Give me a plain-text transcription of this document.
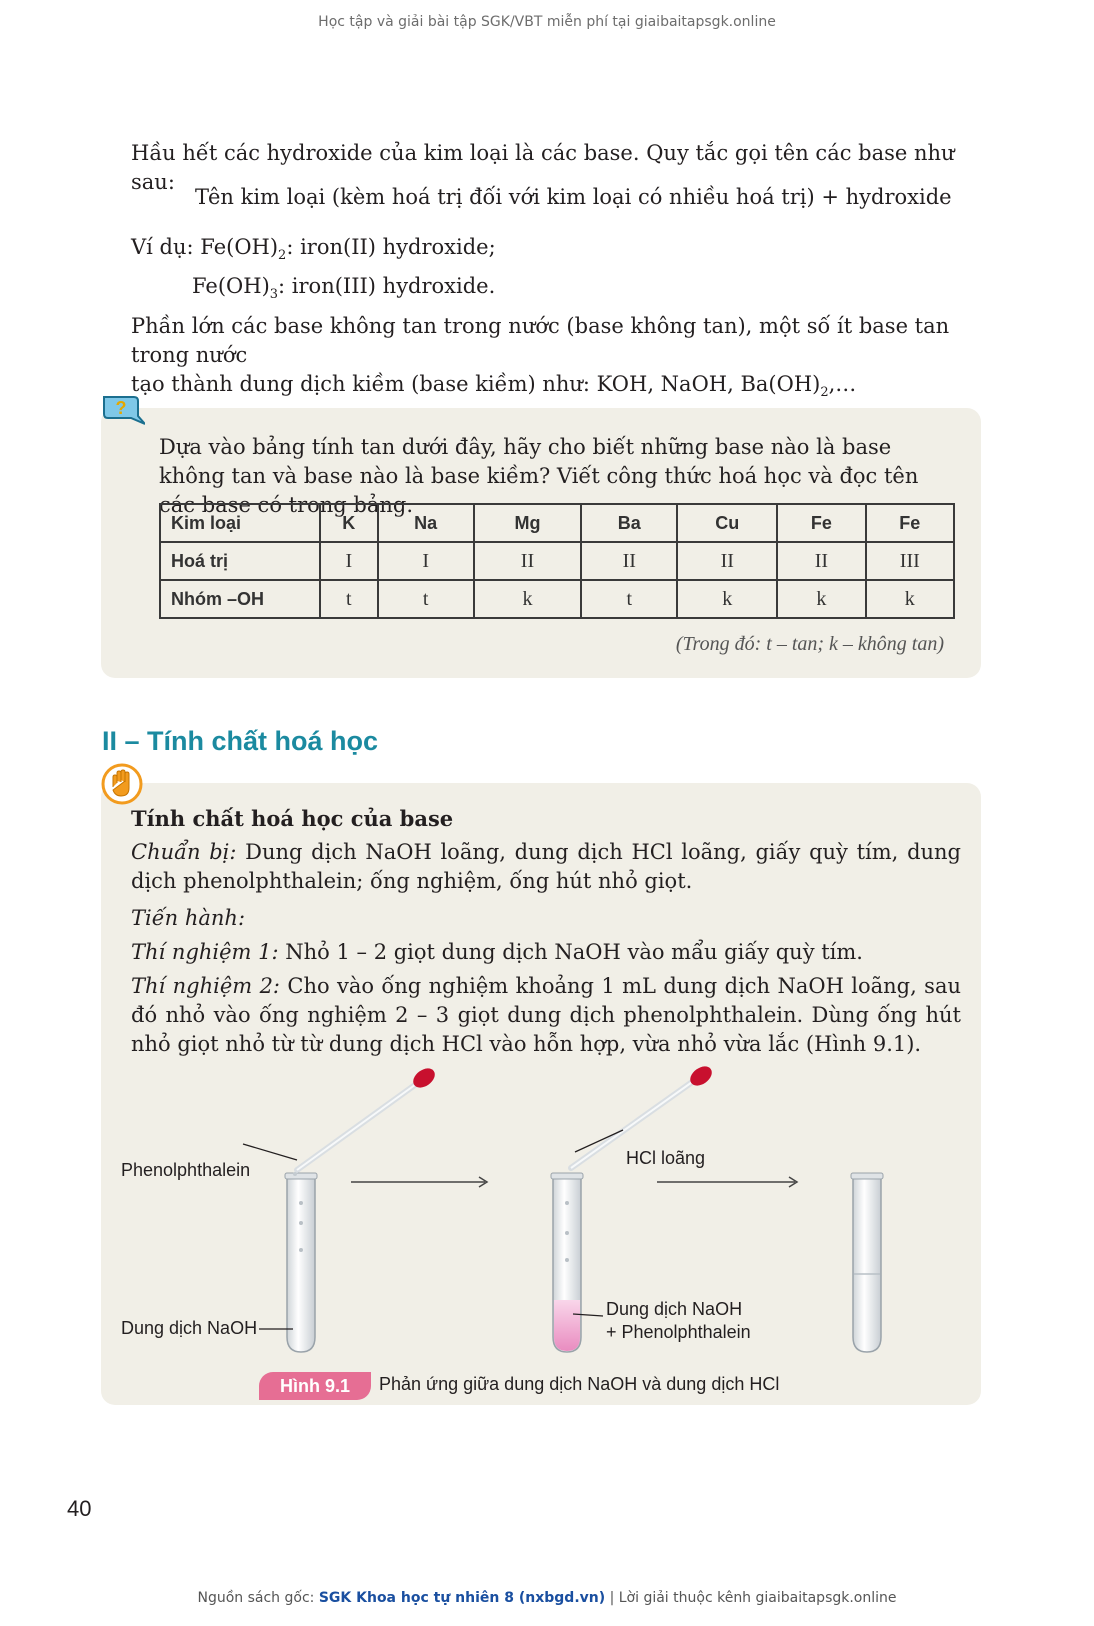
Học tập và giải bài tập SGK/VBT miễn phí tại giaibaitapsgk.online
Hầu hết các hydroxide của kim loại là các base. Quy tắc gọi tên các base như sau:
Tên kim loại (kèm hoá trị đối với kim loại có nhiều hoá trị) + hydroxide
Ví dụ: $Fe(OH)_2$: iron(II) hydroxide;
$Fe(OH)_3$: iron(III) hydroxide.
Phần lớn các base không tan trong nước (base không tan), một số ít base tan trong nước
tạo thành dung dịch kiềm (base kiềm) như: KOH, NaOH, $Ba(OH)_2,\dots$
?
Dựa vào bảng tính tan dưới đây, hãy cho biết những base nào là base không tan và base nào là base kiềm? Viết công thức hoá học và đọc tên các base có trong bảng.
Kim loại	K	Na	Mg	Ba	Cu	Fe	Fe
Hoá trị	I	I	II	II	II	II	III
Nhóm –OH	t	t	k	t	k	k	k
(Trong đó: t – tan; k – không tan)
II – Tính chất hoá học
Tính chất hoá học của base
Chuẩn bị: Dung dịch NaOH loãng, dung dịch HCl loãng, giấy quỳ tím, dung dịch phenolphthalein; ống nghiệm, ống hút nhỏ giọt.
Tiến hành:
Thí nghiệm 1: Nhỏ 1 – 2 giọt dung dịch NaOH vào mẩu giấy quỳ tím.
Thí nghiệm 2: Cho vào ống nghiệm khoảng 1 mL dung dịch NaOH loãng, sau đó nhỏ vào ống nghiệm 2 – 3 giọt dung dịch phenolphthalein. Dùng ống hút nhỏ giọt nhỏ từ từ dung dịch HCl vào hỗn hợp, vừa nhỏ vừa lắc (Hình 9.1).
Phenolphthalein
Dung dịch NaOH
HCl loãng
Dung dịch NaOH
+ Phenolphthalein
Hình 9.1	Phản ứng giữa dung dịch NaOH và dung dịch HCl
40
Nguồn sách gốc: SGK Khoa học tự nhiên 8 (nxbgd.vn) | Lời giải thuộc kênh giaibaitapsgk.online
